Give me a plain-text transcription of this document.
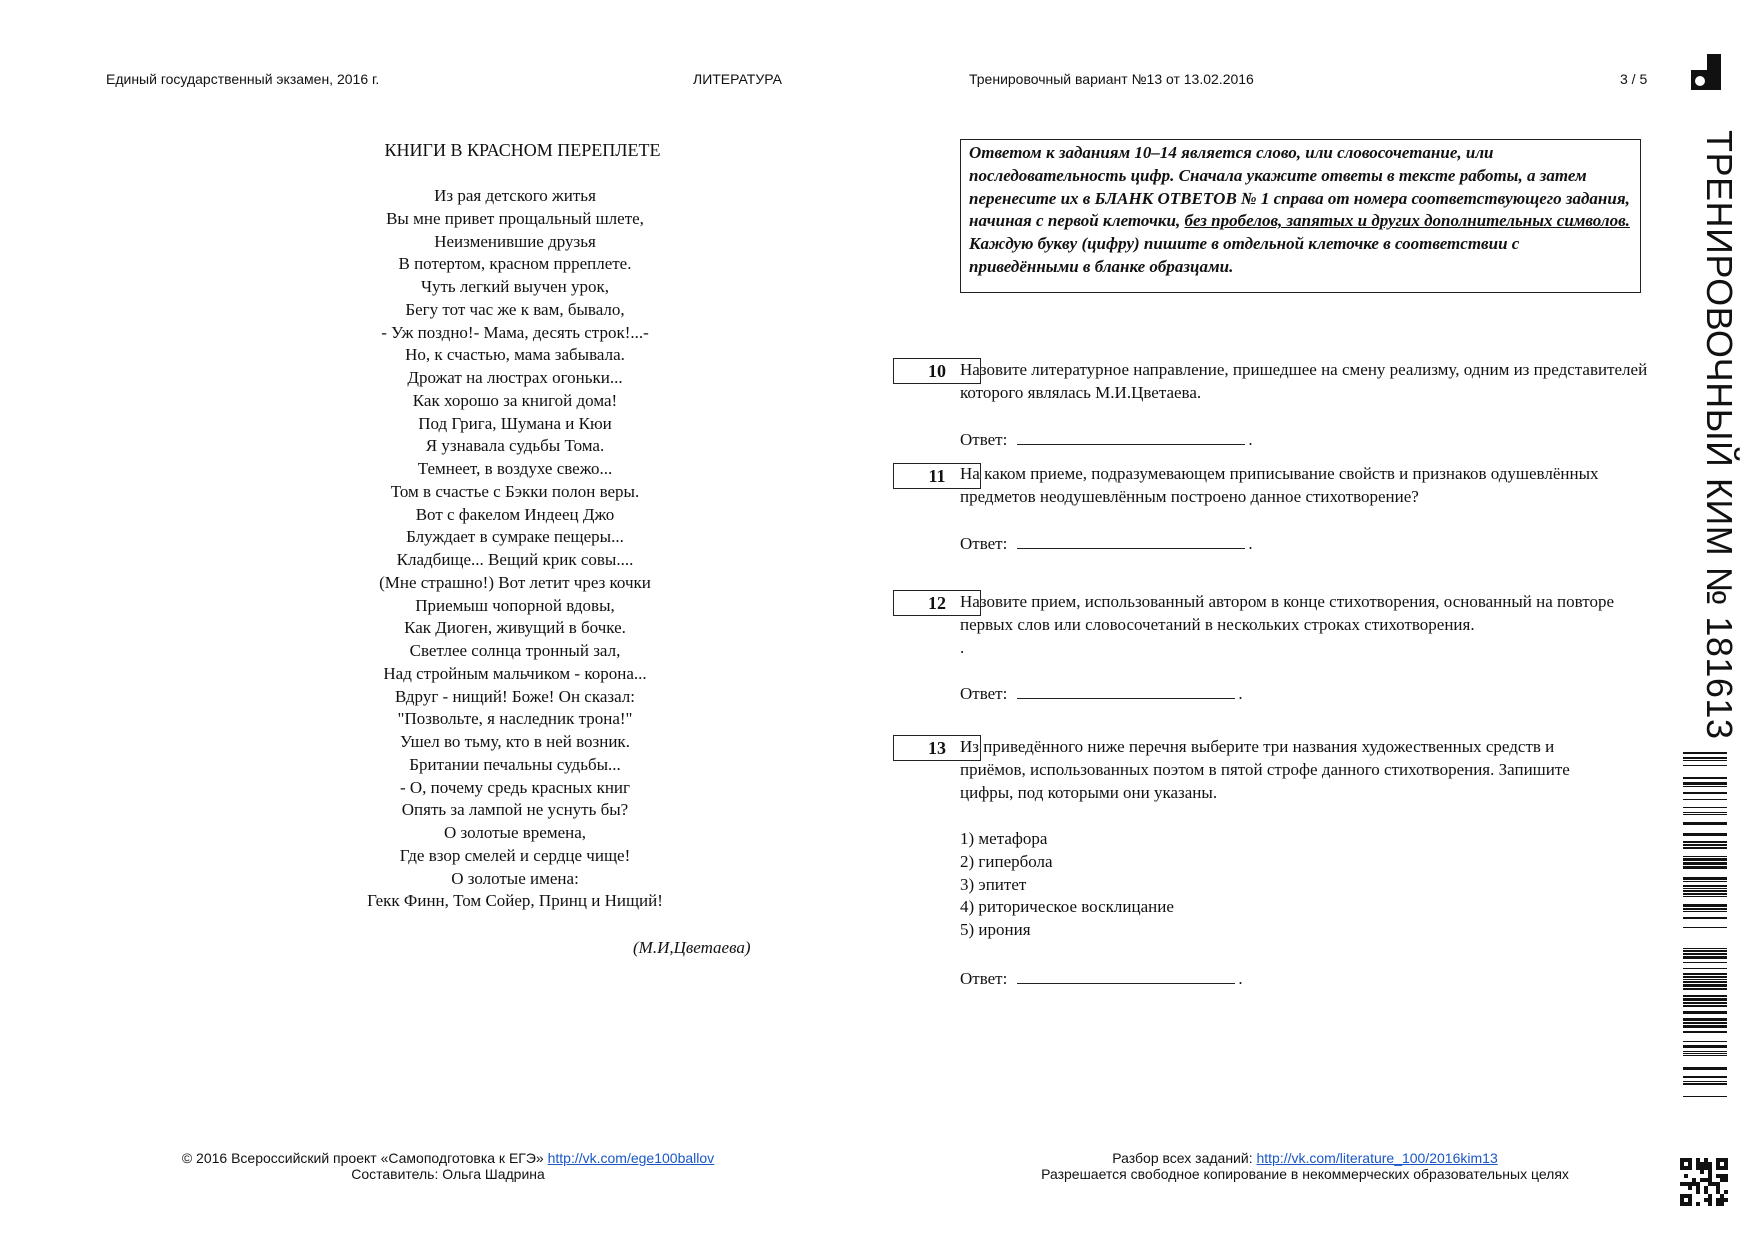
Единый государственный экзамен, 2016 г.	ЛИТЕРАТУРА	Тренировочный вариант №13 от 13.02.2016	3 / 5
ТРЕНИРОВОЧНЫЙ КИМ № 181613
КНИГИ В КРАСНОМ ПЕРЕПЛЕТЕ
Из рая детского житья
Вы мне привет прощальный шлете,
Неизменившие друзья
В потертом, красном прреплете.
Чуть легкий выучен урок,
Бегу тот час же к вам, бывало,
- Уж поздно!- Мама, десять строк!...-
Но, к счастью, мама забывала.
Дрожат на люстрах огоньки...
Как хорошо за книгой дома!
Под Грига, Шумана и Кюи
Я узнавала судьбы Тома.
Темнеет, в воздухе свежо...
Том в счастье с Бэкки полон веры.
Вот с факелом Индеец Джо
Блуждает в сумраке пещеры...
Кладбище... Вещий крик совы....
(Мне страшно!) Вот летит чрез кочки
Приемыш чопорной вдовы,
Как Диоген, живущий в бочке.
Светлее солнца тронный зал,
Над стройным мальчиком - корона...
Вдруг - нищий! Боже! Он сказал:
"Позвольте, я наследник трона!"
Ушел во тьму, кто в ней возник.
Британии печальны судьбы...
- О, почему средь красных книг
Опять за лампой не уснуть бы?
О золотые времена,
Где взор смелей и сердце чище!
О золотые имена:
Гекк Финн, Том Сойер, Принц и Нищий!
(М.И,Цветаева)
Ответом к заданиям 10–14 является слово, или словосочетание, или последовательность цифр. Сначала укажите ответы в тексте работы, а затем перенесите их в БЛАНК ОТВЕТОВ № 1 справа от номера соответствующего задания, начиная с первой клеточки, без пробелов, запятых и других дополнительных символов. Каждую букву (цифру) пишите в отдельной клеточке в соответствии с приведёнными в бланке образцами.
10 Назовите литературное направление, пришедшее на смену реализму, одним из представителей которого являлась М.И.Цветаева.
Ответ:	.
11 На каком приеме, подразумевающем приписывание свойств и признаков одушевлённых предметов неодушевлённым построено данное стихотворение?
Ответ:	.
12 Назовите прием, использованный автором в конце стихотворения, основанный на повторе первых слов или словосочетаний в нескольких строках стихотворения.
.
Ответ:	.
13 Из приведённого ниже перечня выберите три названия художественных средств и приёмов, использованных поэтом в пятой строфе данного стихотворения. Запишите цифры, под которыми они указаны.
1) метафора
2) гипербола
3) эпитет
4) риторическое восклицание
5) ирония
Ответ:	.
© 2016 Всероссийский проект «Самоподготовка к ЕГЭ» http://vk.com/ege100ballov
Составитель: Ольга Шадрина
Разбор всех заданий: http://vk.com/literature_100/2016kim13
Разрешается свободное копирование в некоммерческих образовательных целях
